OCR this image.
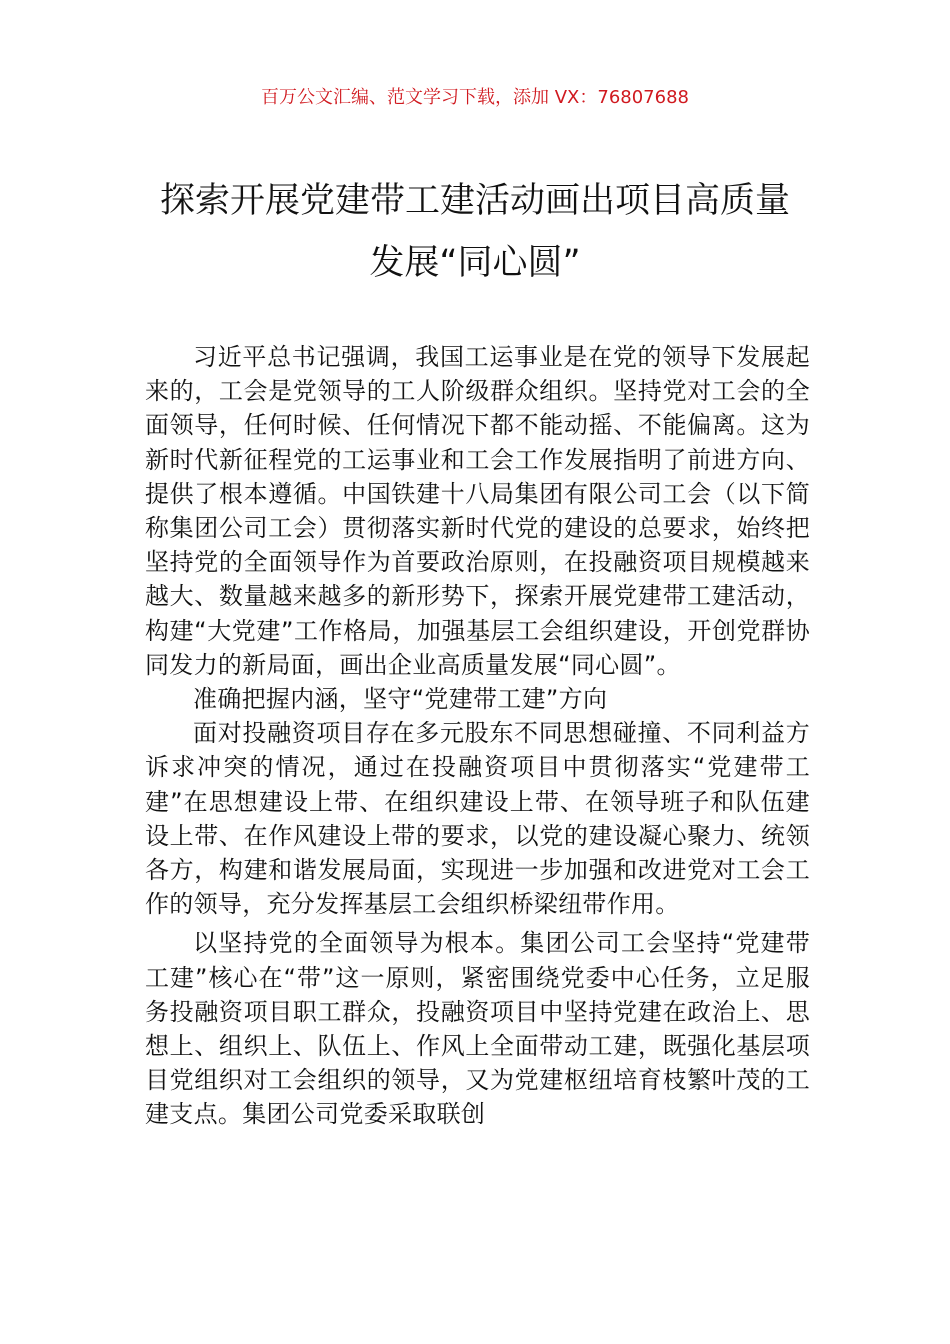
百万公文汇编、范文学习下载，添加 VX：76807688
探索开展党建带工建活动画出项目高质量
发展“同心圆”

习近平总书记强调，我国工运事业是在党的领导下发展起来的，工会是党领导的工人阶级群众组织。坚持党对工会的全面领导，任何时候、任何情况下都不能动摇、不能偏离。这为新时代新征程党的工运事业和工会工作发展指明了前进方向、提供了根本遵循。中国铁建十八局集团有限公司工会（以下简称集团公司工会）贯彻落实新时代党的建设的总要求，始终把坚持党的全面领导作为首要政治原则，在投融资项目规模越来越大、数量越来越多的新形势下，探索开展党建带工建活动，构建“大党建”工作格局，加强基层工会组织建设，开创党群协同发力的新局面，画出企业高质量发展“同心圆”。

准确把握内涵，坚守“党建带工建”方向

面对投融资项目存在多元股东不同思想碰撞、不同利益方诉求冲突的情况，通过在投融资项目中贯彻落实“党建带工建”在思想建设上带、在组织建设上带、在领导班子和队伍建设上带、在作风建设上带的要求，以党的建设凝心聚力、统领各方，构建和谐发展局面，实现进一步加强和改进党对工会工作的领导，充分发挥基层工会组织桥梁纽带作用。

以坚持党的全面领导为根本。集团公司工会坚持“党建带工建”核心在“带”这一原则，紧密围绕党委中心任务，立足服务投融资项目职工群众，投融资项目中坚持党建在政治上、思想上、组织上、队伍上、作风上全面带动工建，既强化基层项目党组织对工会组织的领导，又为党建枢纽培育枝繁叶茂的工建支点。集团公司党委采取联创
